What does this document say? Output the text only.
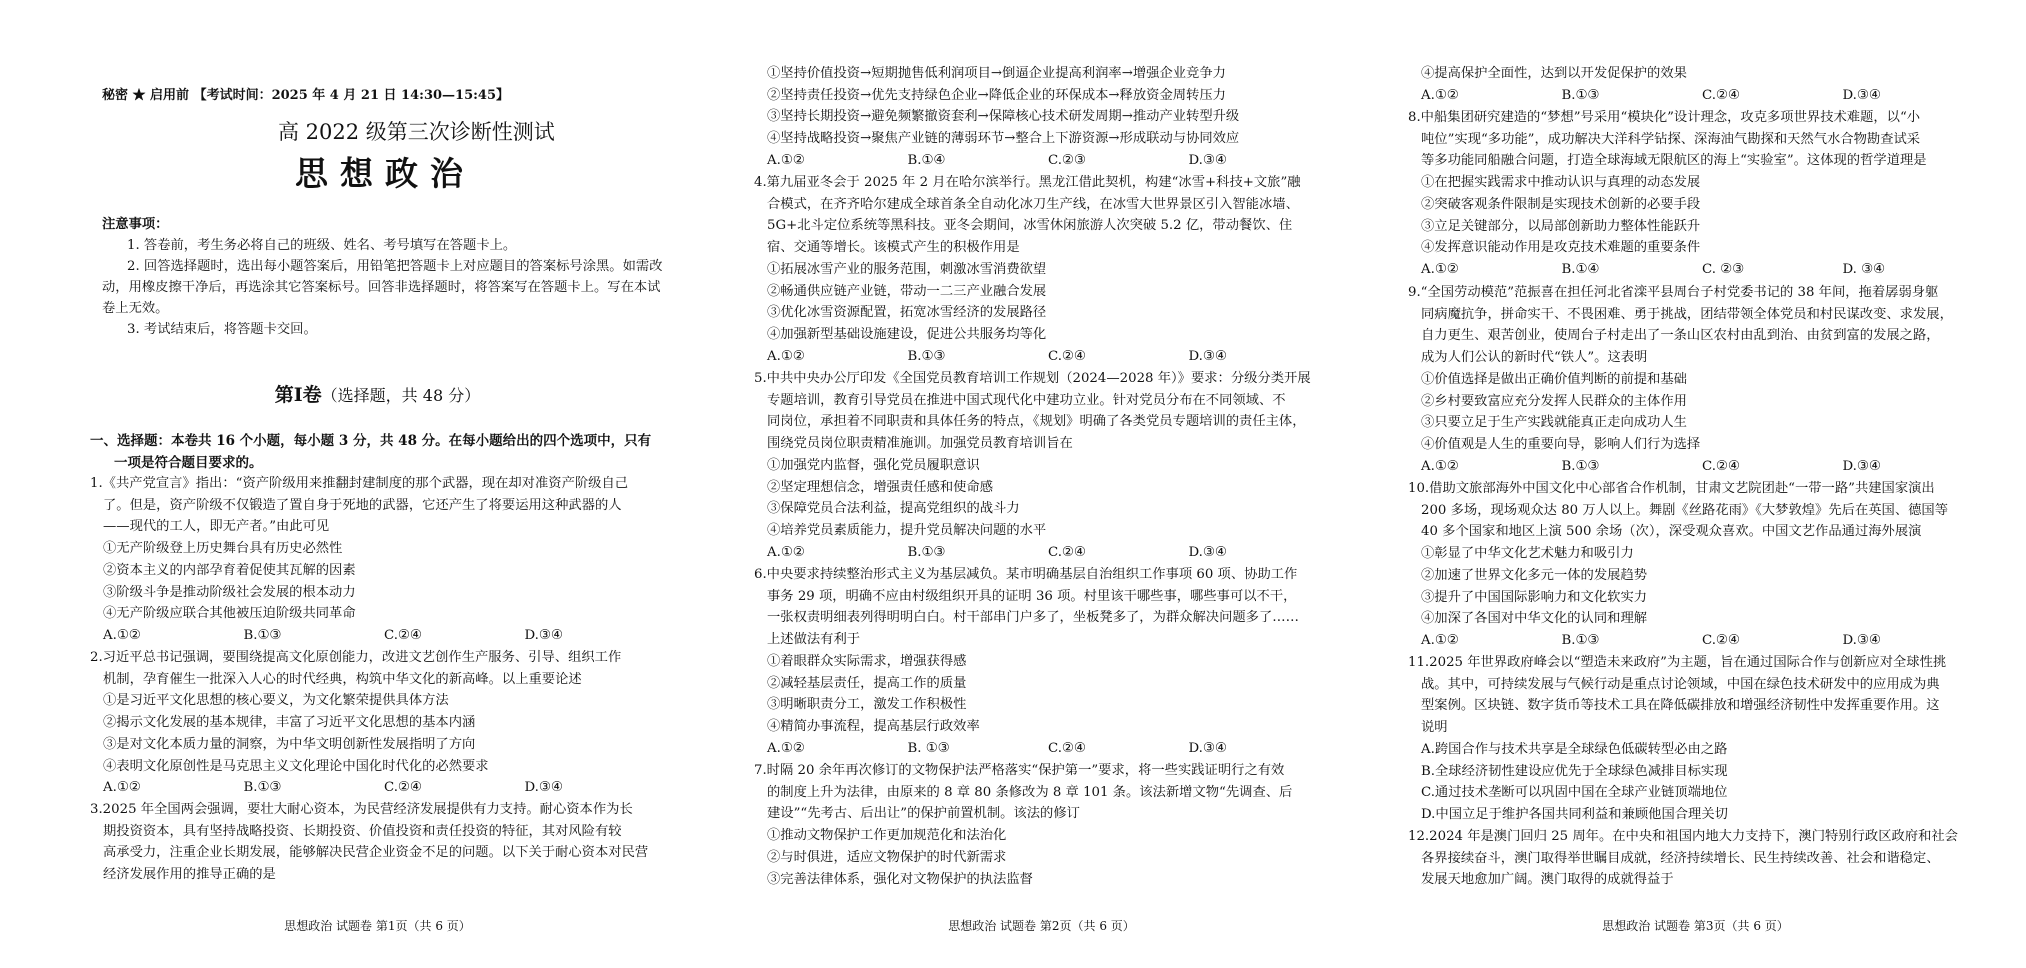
秘密 ★ 启用前 【考试时间：2025 年 4 月 21 日 14:30—15:45】
高 2022 级第三次诊断性测试
思想政治
注意事项：
1. 答卷前，考生务必将自己的班级、姓名、考号填写在答题卡上。
2. 回答选择题时，选出每小题答案后，用铅笔把答题卡上对应题目的答案标号涂黑。如需改动，用橡皮擦干净后，再选涂其它答案标号。回答非选择题时，将答案写在答题卡上。写在本试卷上无效。
3. 考试结束后，将答题卡交回。
第Ⅰ卷（选择题，共 48 分）
一、选择题：本卷共 16 个小题，每小题 3 分，共 48 分。在每小题给出的四个选项中，只有
一项是符合题目要求的。
1.《共产党宣言》指出：“资产阶级用来推翻封建制度的那个武器，现在却对准资产阶级自己
了。但是，资产阶级不仅锻造了置自身于死地的武器，它还产生了将要运用这种武器的人
——现代的工人，即无产者。”由此可见
①无产阶级登上历史舞台具有历史必然性
②资本主义的内部孕育着促使其瓦解的因素
③阶级斗争是推动阶级社会发展的根本动力
④无产阶级应联合其他被压迫阶级共同革命
A.①②	B.①③	C.②④	D.③④
2.习近平总书记强调，要围绕提高文化原创能力，改进文艺创作生产服务、引导、组织工作
机制，孕育催生一批深入人心的时代经典，构筑中华文化的新高峰。以上重要论述
①是习近平文化思想的核心要义，为文化繁荣提供具体方法
②揭示文化发展的基本规律，丰富了习近平文化思想的基本内涵
③是对文化本质力量的洞察，为中华文明创新性发展指明了方向
④表明文化原创性是马克思主义文化理论中国化时代化的必然要求
A.①②	B.①③	C.②④	D.③④
3.2025 年全国两会强调，要壮大耐心资本，为民营经济发展提供有力支持。耐心资本作为长
期投资资本，具有坚持战略投资、长期投资、价值投资和责任投资的特征，其对风险有较
高承受力，注重企业长期发展，能够解决民营企业资金不足的问题。以下关于耐心资本对民营
经济发展作用的推导正确的是
思想政治 试题卷 第1页（共 6 页）
①坚持价值投资→短期抛售低利润项目→倒逼企业提高利润率→增强企业竞争力
②坚持责任投资→优先支持绿色企业→降低企业的环保成本→释放资金周转压力
③坚持长期投资→避免频繁撤资套利→保障核心技术研发周期→推动产业转型升级
④坚持战略投资→聚焦产业链的薄弱环节→整合上下游资源→形成联动与协同效应
A.①②	B.①④	C.②③	D.③④
4.第九届亚冬会于 2025 年 2 月在哈尔滨举行。黑龙江借此契机，构建“冰雪+科技+文旅”融
合模式，在齐齐哈尔建成全球首条全自动化冰刀生产线，在冰雪大世界景区引入智能冰墙、
5G+北斗定位系统等黑科技。亚冬会期间，冰雪休闲旅游人次突破 5.2 亿，带动餐饮、住
宿、交通等增长。该模式产生的积极作用是
①拓展冰雪产业的服务范围，刺激冰雪消费欲望
②畅通供应链产业链，带动一二三产业融合发展
③优化冰雪资源配置，拓宽冰雪经济的发展路径
④加强新型基础设施建设，促进公共服务均等化
A.①②	B.①③	C.②④	D.③④
5.中共中央办公厅印发《全国党员教育培训工作规划（2024—2028 年）》要求：分级分类开展
专题培训，教育引导党员在推进中国式现代化中建功立业。针对党员分布在不同领域、不
同岗位，承担着不同职责和具体任务的特点，《规划》明确了各类党员专题培训的责任主体，
围绕党员岗位职责精准施训。加强党员教育培训旨在
①加强党内监督，强化党员履职意识
②坚定理想信念，增强责任感和使命感
③保障党员合法利益，提高党组织的战斗力
④培养党员素质能力，提升党员解决问题的水平
A.①②	B.①③	C.②④	D.③④
6.中央要求持续整治形式主义为基层减负。某市明确基层自治组织工作事项 60 项、协助工作
事务 29 项，明确不应由村级组织开具的证明 36 项。村里该干哪些事，哪些事可以不干，
一张权责明细表列得明明白白。村干部串门户多了，坐板凳多了，为群众解决问题多了……
上述做法有利于
①着眼群众实际需求，增强获得感
②减轻基层责任，提高工作的质量
③明晰职责分工，激发工作积极性
④精简办事流程，提高基层行政效率
A.①②	B. ①③	C.②④	D.③④
7.时隔 20 余年再次修订的文物保护法严格落实“保护第一”要求，将一些实践证明行之有效
的制度上升为法律，由原来的 8 章 80 条修改为 8 章 101 条。该法新增文物“先调查、后
建设”“先考古、后出让”的保护前置机制。该法的修订
①推动文物保护工作更加规范化和法治化
②与时俱进，适应文物保护的时代新需求
③完善法律体系，强化对文物保护的执法监督
思想政治 试题卷 第2页（共 6 页）
④提高保护全面性，达到以开发促保护的效果
A.①②	B.①③	C.②④	D.③④
8.中船集团研究建造的“梦想”号采用“模块化”设计理念，攻克多项世界技术难题，以“小
吨位”实现“多功能”，成功解决大洋科学钻探、深海油气勘探和天然气水合物勘查试采
等多功能同船融合问题，打造全球海域无限航区的海上“实验室”。这体现的哲学道理是
①在把握实践需求中推动认识与真理的动态发展
②突破客观条件限制是实现技术创新的必要手段
③立足关键部分，以局部创新助力整体性能跃升
④发挥意识能动作用是攻克技术难题的重要条件
A.①②	B.①④	C. ②③	D. ③④
9.“全国劳动模范”范振喜在担任河北省滦平县周台子村党委书记的 38 年间，拖着孱弱身躯
同病魔抗争，拼命实干、不畏困难、勇于挑战，团结带领全体党员和村民谋改变、求发展，
自力更生、艰苦创业，使周台子村走出了一条山区农村由乱到治、由贫到富的发展之路，
成为人们公认的新时代“铁人”。这表明
①价值选择是做出正确价值判断的前提和基础
②乡村要致富应充分发挥人民群众的主体作用
③只要立足于生产实践就能真正走向成功人生
④价值观是人生的重要向导，影响人们行为选择
A.①②	B.①③	C.②④	D.③④
10.借助文旅部海外中国文化中心部省合作机制，甘肃文艺院团赴“一带一路”共建国家演出
200 多场，现场观众达 80 万人以上。舞剧《丝路花雨》《大梦敦煌》先后在英国、德国等
40 多个国家和地区上演 500 余场（次），深受观众喜欢。中国文艺作品通过海外展演
①彰显了中华文化艺术魅力和吸引力
②加速了世界文化多元一体的发展趋势
③提升了中国国际影响力和文化软实力
④加深了各国对中华文化的认同和理解
A.①②	B.①③	C.②④	D.③④
11.2025 年世界政府峰会以“塑造未来政府”为主题，旨在通过国际合作与创新应对全球性挑
战。其中，可持续发展与气候行动是重点讨论领域，中国在绿色技术研发中的应用成为典
型案例。区块链、数字货币等技术工具在降低碳排放和增强经济韧性中发挥重要作用。这
说明
A.跨国合作与技术共享是全球绿色低碳转型必由之路
B.全球经济韧性建设应优先于全球绿色减排目标实现
C.通过技术垄断可以巩固中国在全球产业链顶端地位
D.中国立足于维护各国共同利益和兼顾他国合理关切
12.2024 年是澳门回归 25 周年。在中央和祖国内地大力支持下，澳门特别行政区政府和社会
各界接续奋斗，澳门取得举世瞩目成就，经济持续增长、民生持续改善、社会和谐稳定、
发展天地愈加广阔。澳门取得的成就得益于
思想政治 试题卷 第3页（共 6 页）
